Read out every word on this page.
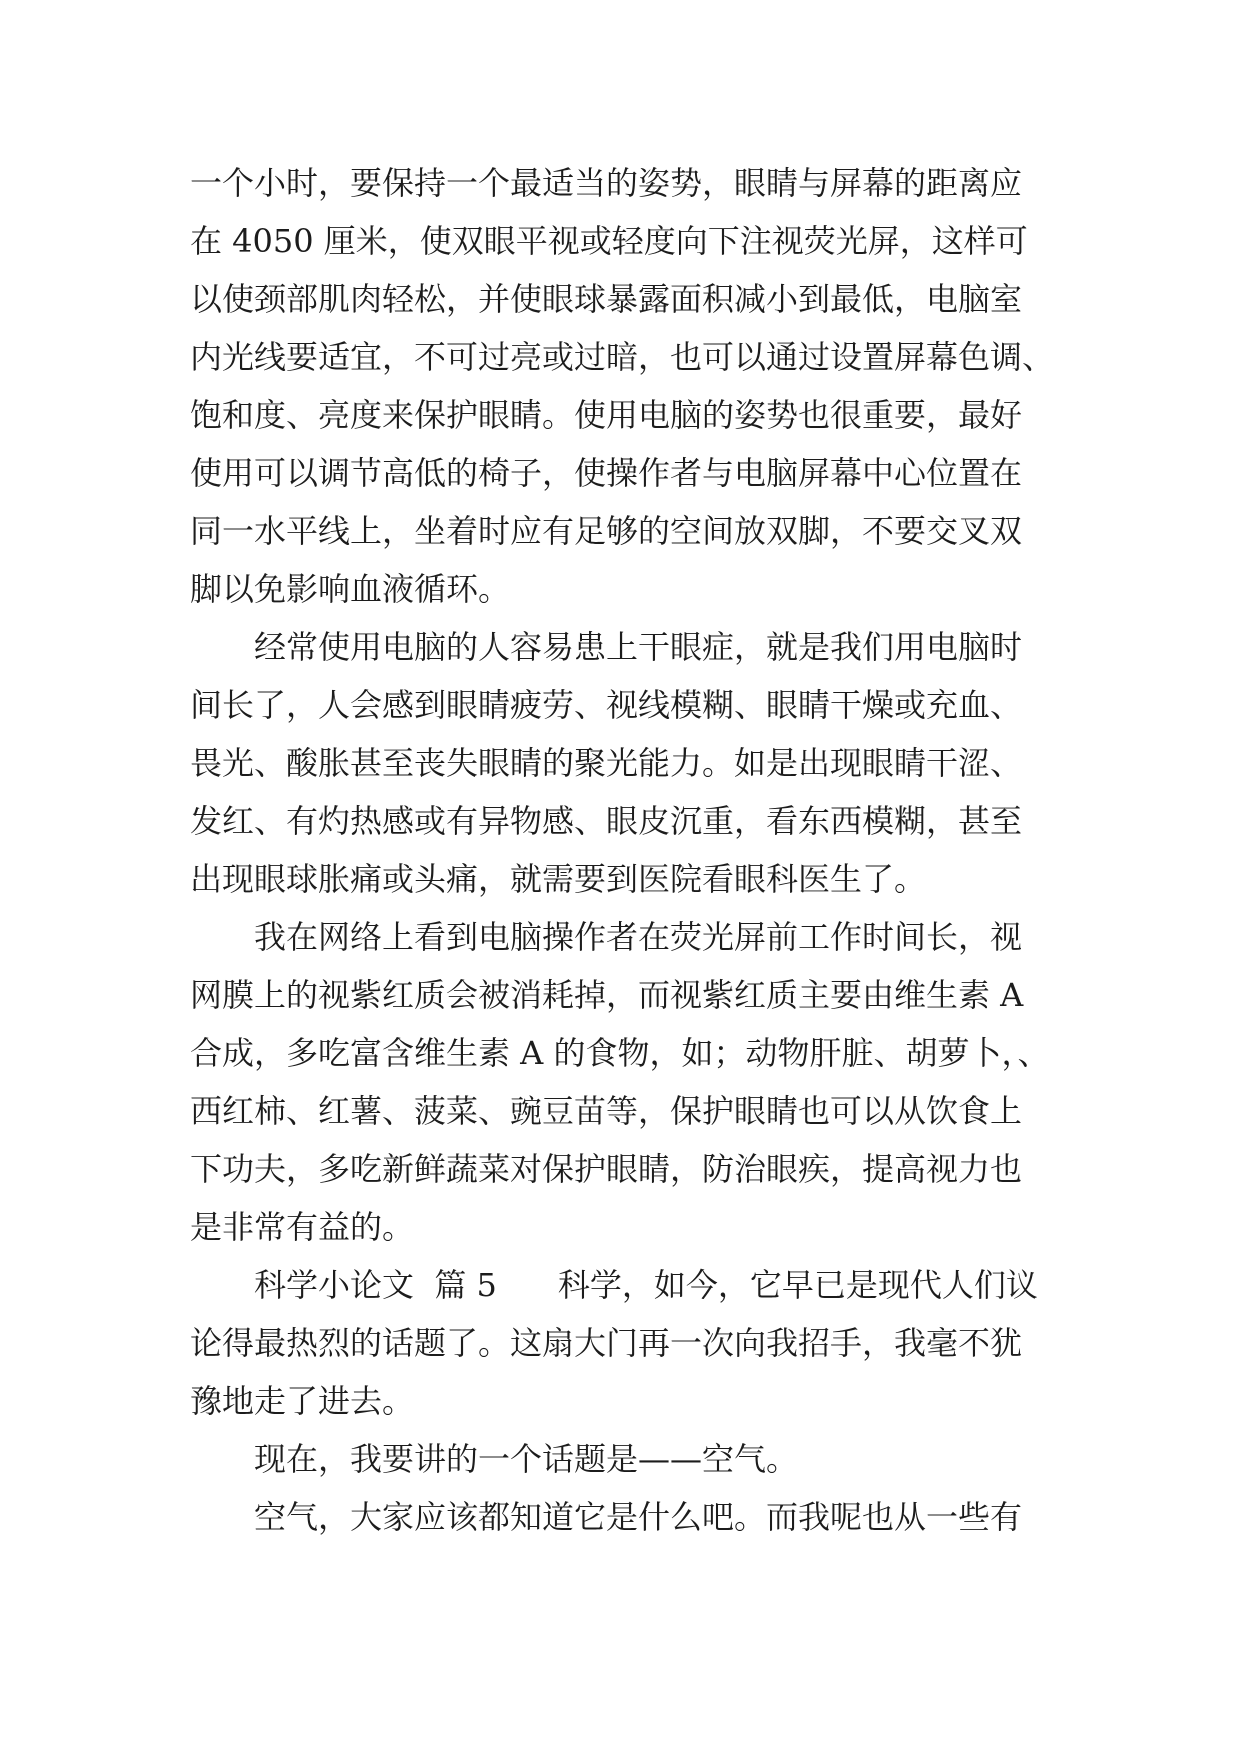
一个小时，要保持一个最适当的姿势，眼睛与屏幕的距离应
在 4050 厘米，使双眼平视或轻度向下注视荧光屏，这样可
以使颈部肌肉轻松，并使眼球暴露面积减小到最低，电脑室
内光线要适宜，不可过亮或过暗，也可以通过设置屏幕色调、
饱和度、亮度来保护眼睛。使用电脑的姿势也很重要，最好
使用可以调节高低的椅子，使操作者与电脑屏幕中心位置在
同一水平线上，坐着时应有足够的空间放双脚，不要交叉双
脚以免影响血液循环。
经常使用电脑的人容易患上干眼症，就是我们用电脑时
间长了，人会感到眼睛疲劳、视线模糊、眼睛干燥或充血、
畏光、酸胀甚至丧失眼睛的聚光能力。如是出现眼睛干涩、
发红、有灼热感或有异物感、眼皮沉重，看东西模糊，甚至
出现眼球胀痛或头痛，就需要到医院看眼科医生了。
我在网络上看到电脑操作者在荧光屏前工作时间长，视
网膜上的视紫红质会被消耗掉，而视紫红质主要由维生素 A
合成，多吃富含维生素 A 的食物，如；动物肝脏、胡萝卜，、
西红柿、红薯、菠菜、豌豆苗等，保护眼睛也可以从饮食上
下功夫，多吃新鲜蔬菜对保护眼睛，防治眼疾，提高视力也
是非常有益的。
科学小论文  篇 5      科学，如今，它早已是现代人们议
论得最热烈的话题了。这扇大门再一次向我招手，我毫不犹
豫地走了进去。
现在，我要讲的一个话题是——空气。
空气，大家应该都知道它是什么吧。而我呢也从一些有
